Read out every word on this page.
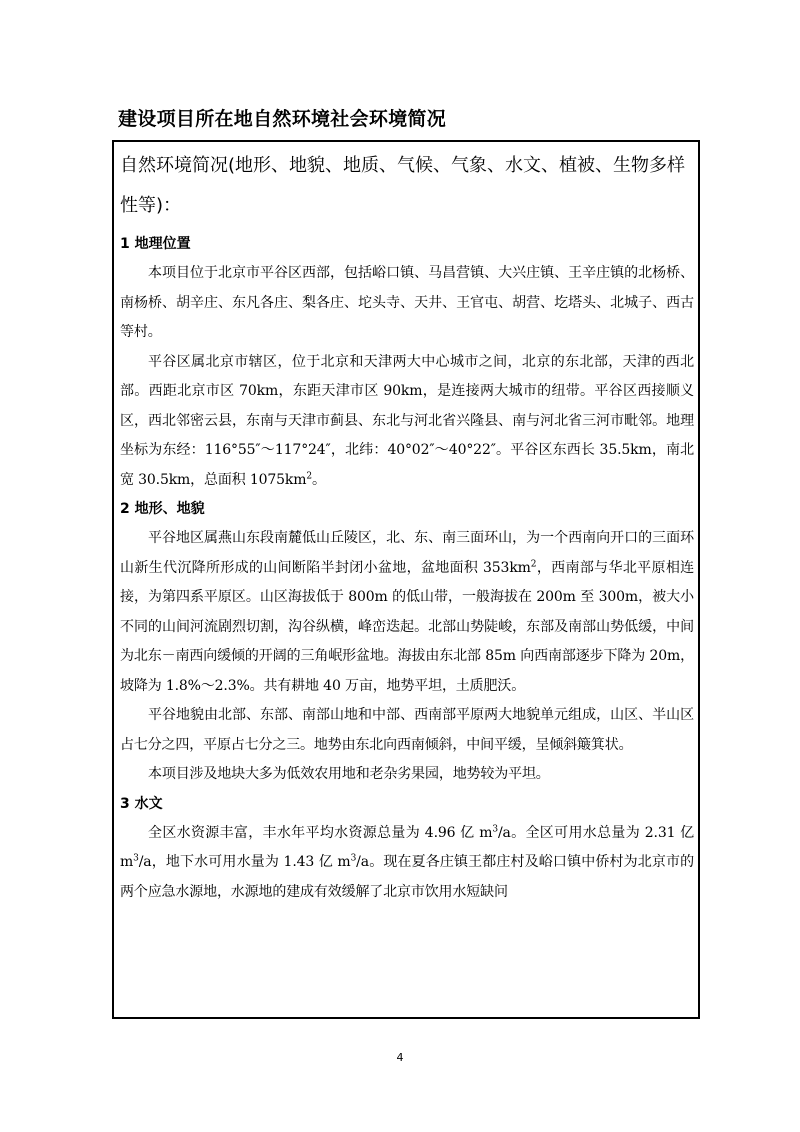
建设项目所在地自然环境社会环境简况

自然环境简况(地形、地貌、地质、气候、气象、水文、植被、生物多样性等)：

1 地理位置

本项目位于北京市平谷区西部，包括峪口镇、马昌营镇、大兴庄镇、王辛庄镇的北杨桥、南杨桥、胡辛庄、东凡各庄、梨各庄、坨头寺、天井、王官屯、胡营、圪塔头、北城子、西古等村。

平谷区属北京市辖区，位于北京和天津两大中心城市之间，北京的东北部，天津的西北部。西距北京市区 70km，东距天津市区 90km，是连接两大城市的纽带。平谷区西接顺义区，西北邻密云县，东南与天津市蓟县、东北与河北省兴隆县、南与河北省三河市毗邻。地理坐标为东经：116°55″～117°24″，北纬：40°02″～40°22″。平谷区东西长 35.5km，南北宽 30.5km，总面积 $1075km^2$。

2 地形、地貌

平谷地区属燕山东段南麓低山丘陵区，北、东、南三面环山，为一个西南向开口的三面环山新生代沉降所形成的山间断陷半封闭小盆地，盆地面积 $353km^2$，西南部与华北平原相连接，为第四系平原区。山区海拔低于 800m 的低山带，一般海拔在 200m 至 300m，被大小不同的山间河流剧烈切割，沟谷纵横，峰峦迭起。北部山势陡峻，东部及南部山势低缓，中间为北东－南西向缓倾的开阔的三角岷形盆地。海拔由东北部 85m 向西南部逐步下降为 20m，坡降为 1.8%～2.3%。共有耕地 40 万亩，地势平坦，土质肥沃。

平谷地貌由北部、东部、南部山地和中部、西南部平原两大地貌单元组成，山区、半山区占七分之四，平原占七分之三。地势由东北向西南倾斜，中间平缓，呈倾斜簸箕状。

本项目涉及地块大多为低效农用地和老杂劣果园，地势较为平坦。

3 水文

全区水资源丰富，丰水年平均水资源总量为 4.96 亿 $m^3/a$。全区可用水总量为 2.31 亿 $m^3/a$，地下水可用水量为 1.43 亿 $m^3/a$。现在夏各庄镇王都庄村及峪口镇中侨村为北京市的两个应急水源地，水源地的建成有效缓解了北京市饮用水短缺问

4
